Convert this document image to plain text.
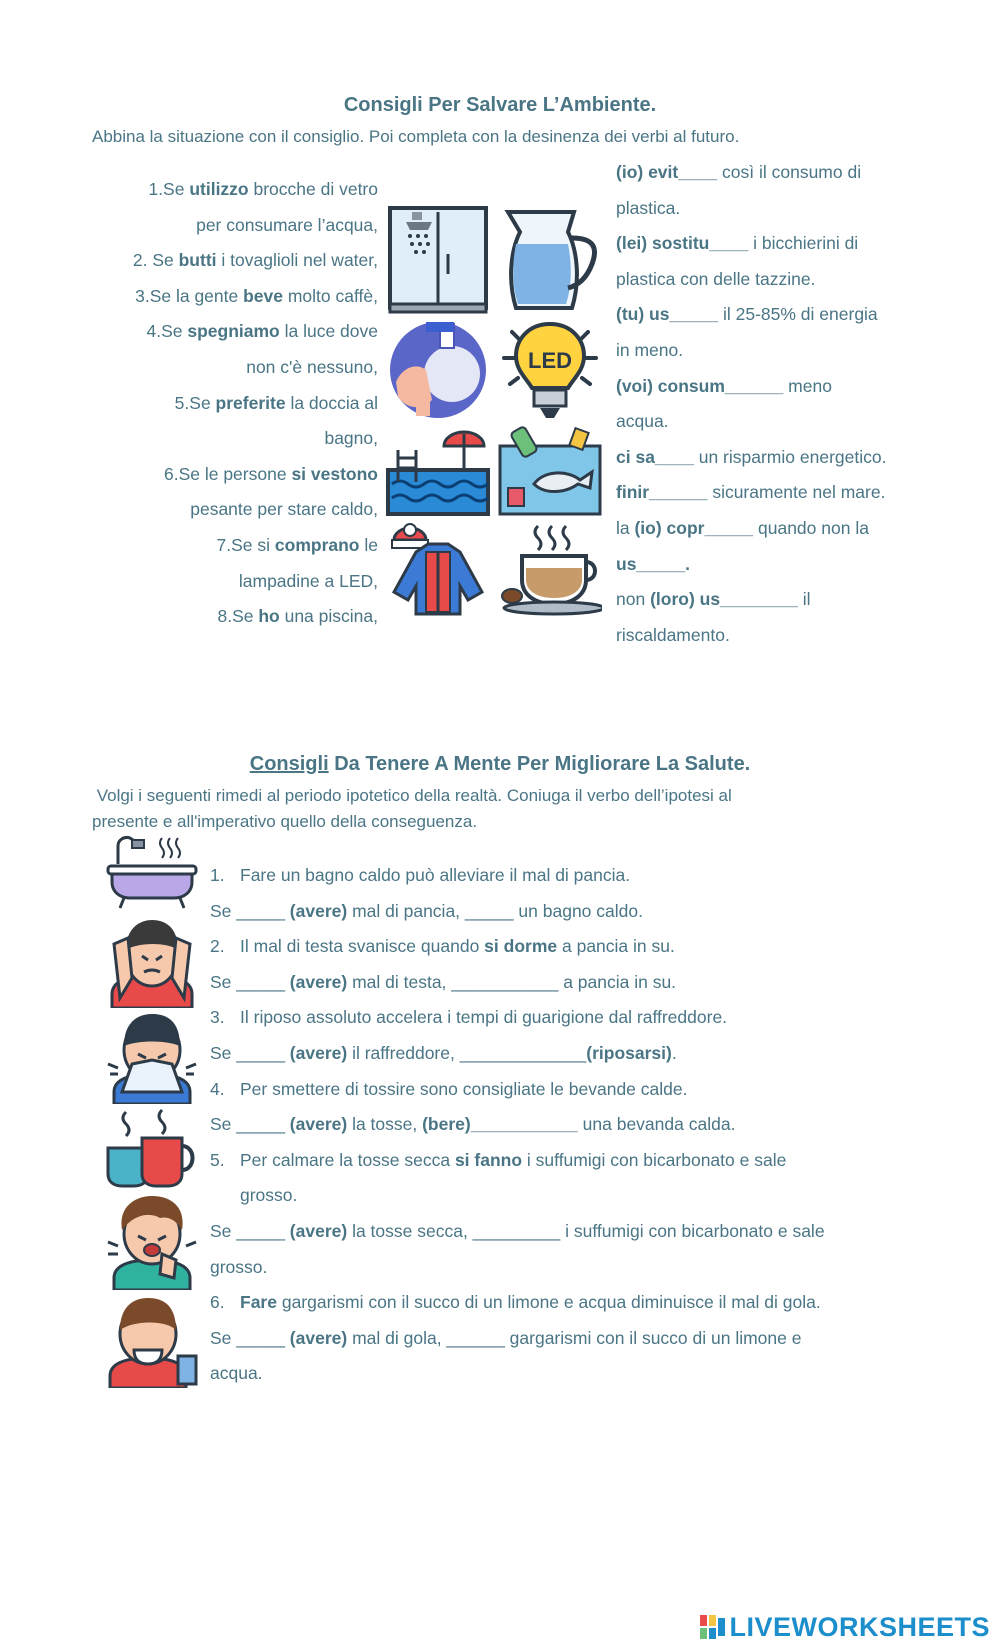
Consigli Per Salvare L’Ambiente.
Abbina la situazione con il consiglio. Poi completa con la desinenza dei verbi al futuro.
1.Se utilizzo brocche di vetro
per consumare l’acqua,
2. Se butti i tovaglioli nel water,
3.Se la gente beve molto caffè,
4.Se spegniamo la luce dove
non c'è nessuno,
5.Se preferite la doccia al
bagno,
6.Se le persone si vestono
pesante per stare caldo,
7.Se si comprano le
lampadine a LED,
8.Se ho una piscina,
LED
(io) evit____ così il consumo di
plastica.
(lei) sostitu____ i bicchierini di
plastica con delle tazzine.
(tu) us_____ il 25-85% di energia
in meno.
(voi) consum______ meno
acqua.
ci sa____ un risparmio energetico.
finir______ sicuramente nel mare.
la (io) copr_____ quando non la
us_____.
non (loro) us________ il
riscaldamento.
Consigli Da Tenere A Mente Per Migliorare La Salute.
Volgi i seguenti rimedi al periodo ipotetico della realtà. Coniuga il verbo dell’ipotesi al
presente e all'imperativo quello della conseguenza.
1. Fare un bagno caldo può alleviare il mal di pancia.
Se _____ (avere) mal di pancia, _____ un bagno caldo.
2. Il mal di testa svanisce quando si dorme a pancia in su.
Se _____ (avere) mal di testa, ___________ a pancia in su.
3. Il riposo assoluto accelera i tempi di guarigione dal raffreddore.
Se _____ (avere) il raffreddore, _____________(riposarsi).
4. Per smettere di tossire sono consigliate le bevande calde.
Se _____ (avere) la tosse, (bere)___________ una bevanda calda.
5. Per calmare la tosse secca si fanno i suffumigi con bicarbonato e sale
grosso.
Se _____ (avere) la tosse secca, _________ i suffumigi con bicarbonato e sale
grosso.
6. Fare gargarismi con il succo di un limone e acqua diminuisce il mal di gola.
Se _____ (avere) mal di gola, ______ gargarismi con il succo di un limone e
acqua.
LIVEWORKSHEETS
